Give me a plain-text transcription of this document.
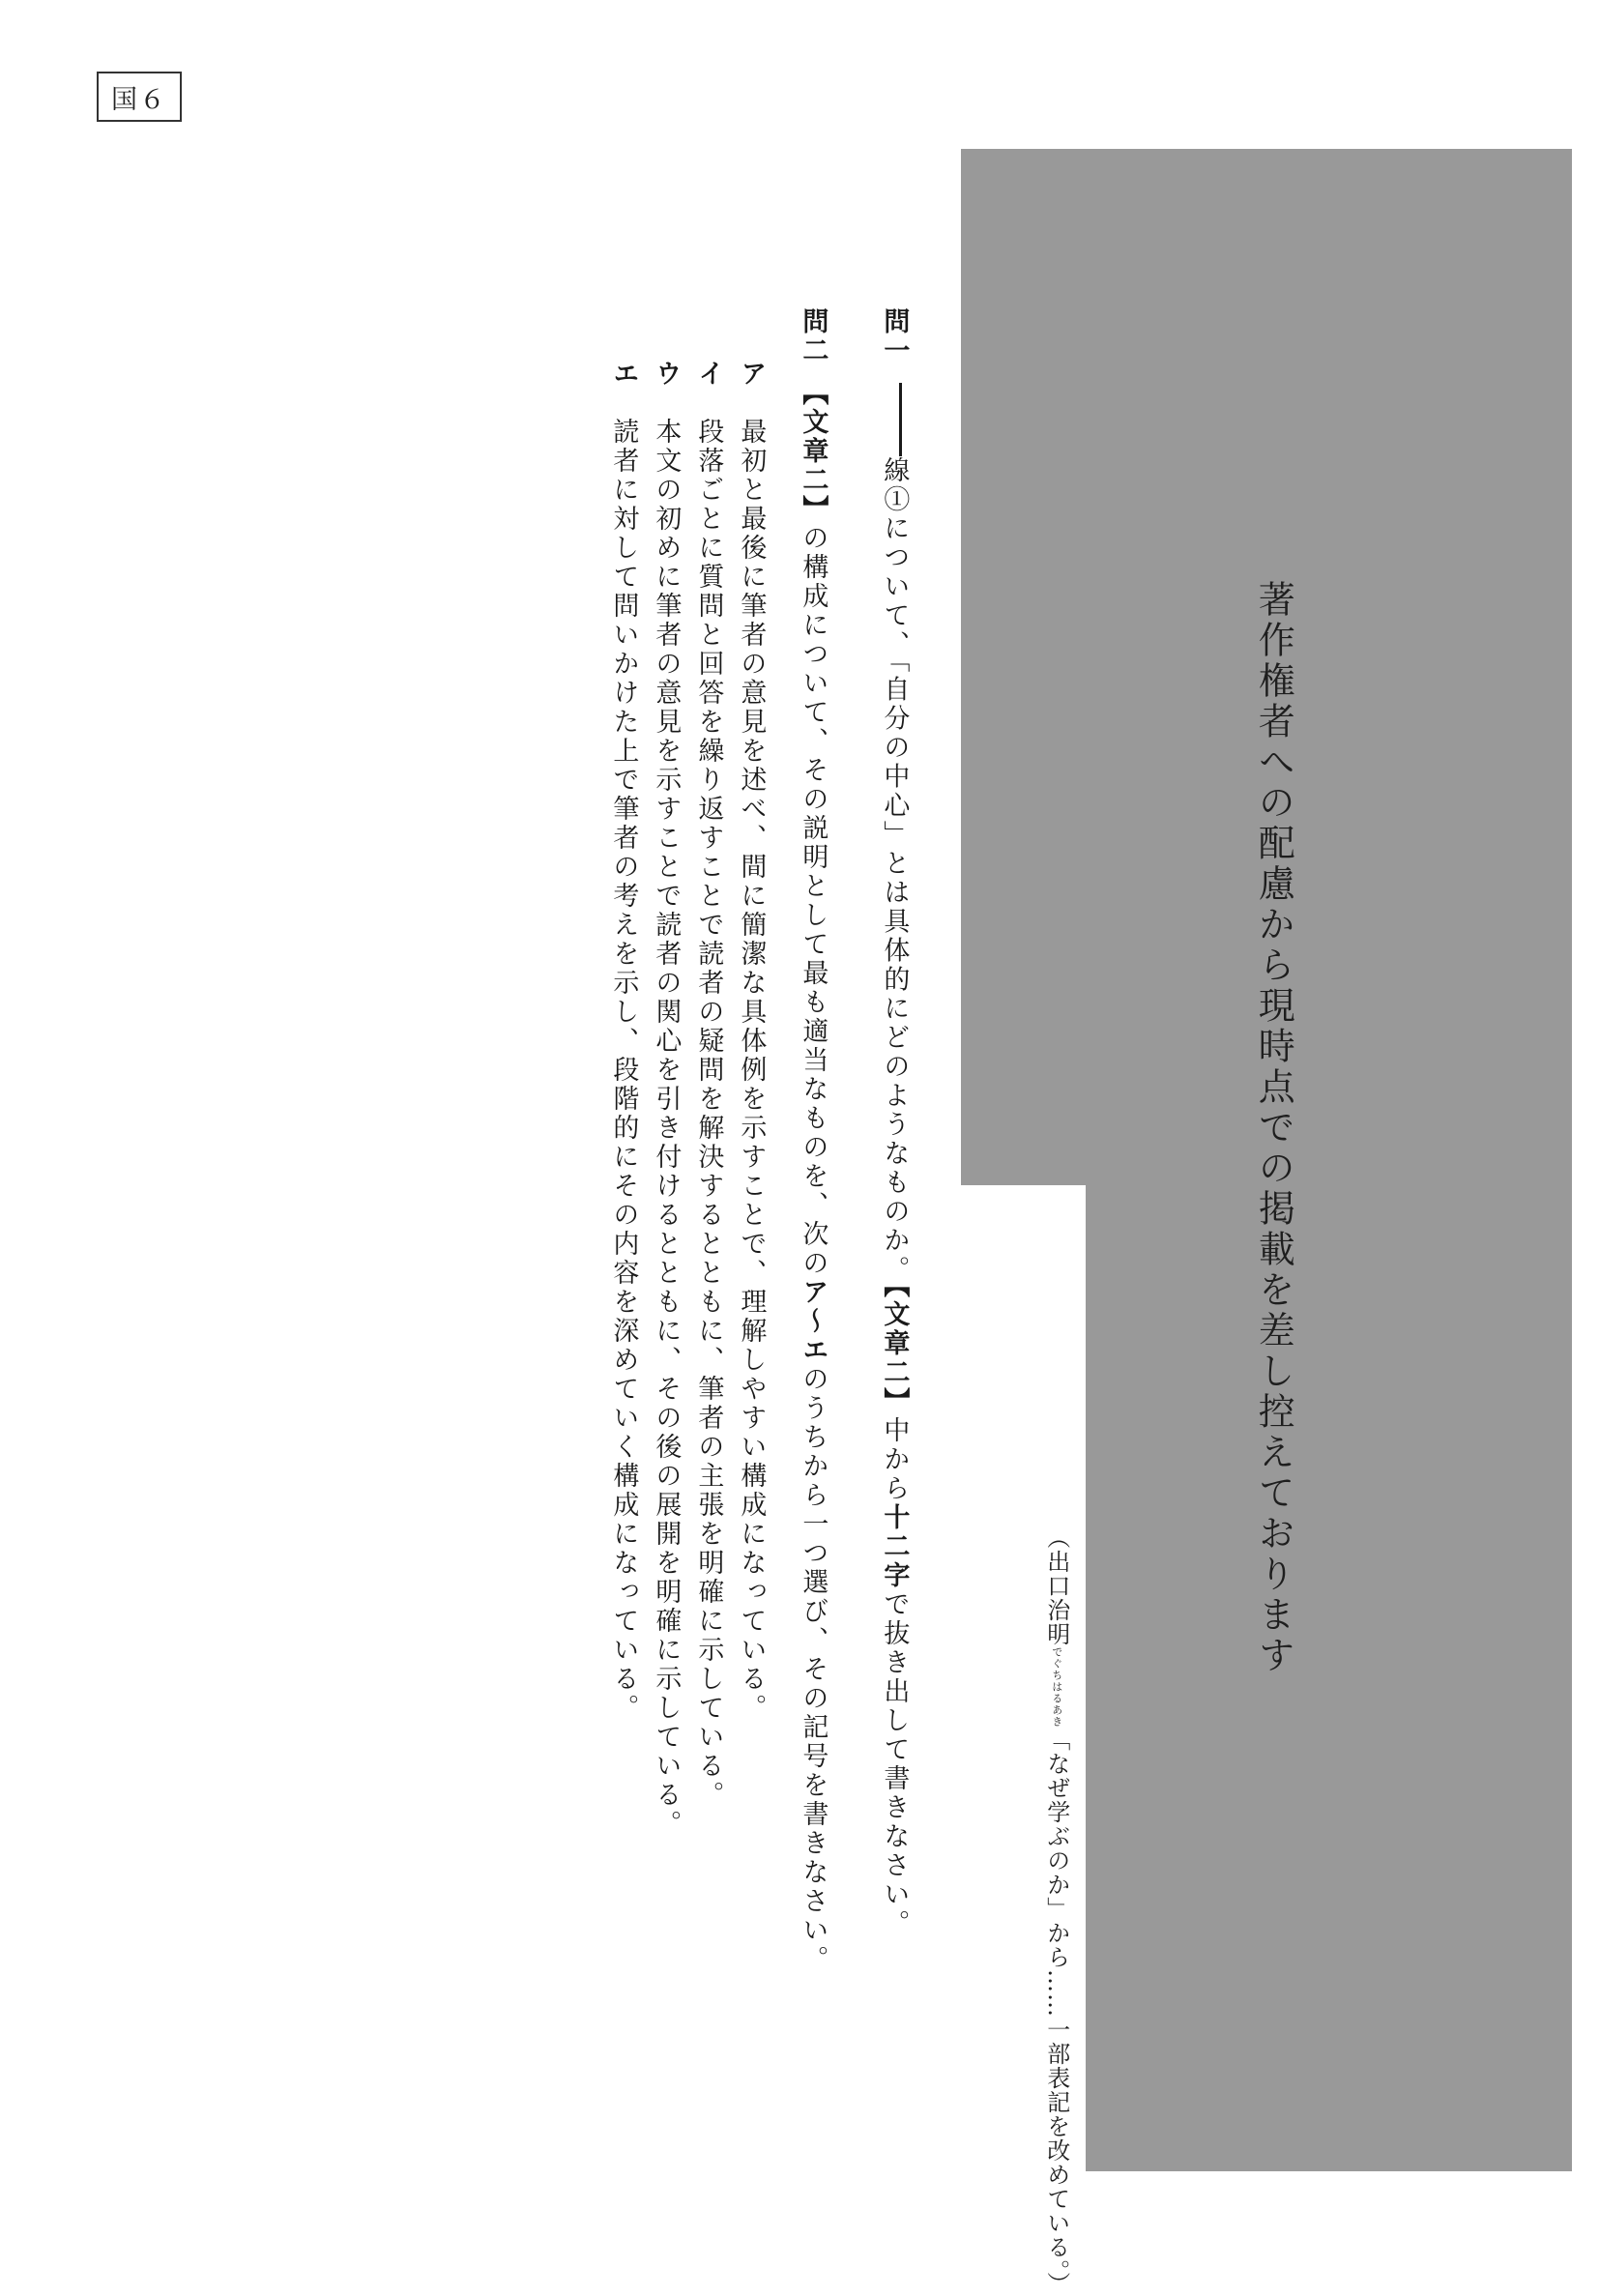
国６
著作権者への配慮から現時点での掲載を差し控えております
（出口治明でぐちはるあき「なぜ学ぶのか」から……一部表記を改めている。）
問一線①について、「自分の中心」とは具体的にどのようなものか。【文章二】中から十二字で抜き出して書きなさい。
問二【文章二】の構成について、その説明として最も適当なものを、次のア～エのうちから一つ選び、その記号を書きなさい。
ア最初と最後に筆者の意見を述べ、間に簡潔な具体例を示すことで、理解しやすい構成になっている。
イ段落ごとに質問と回答を繰り返すことで読者の疑問を解決するとともに、筆者の主張を明確に示している。
ウ本文の初めに筆者の意見を示すことで読者の関心を引き付けるとともに、その後の展開を明確に示している。
エ読者に対して問いかけた上で筆者の考えを示し、段階的にその内容を深めていく構成になっている。
